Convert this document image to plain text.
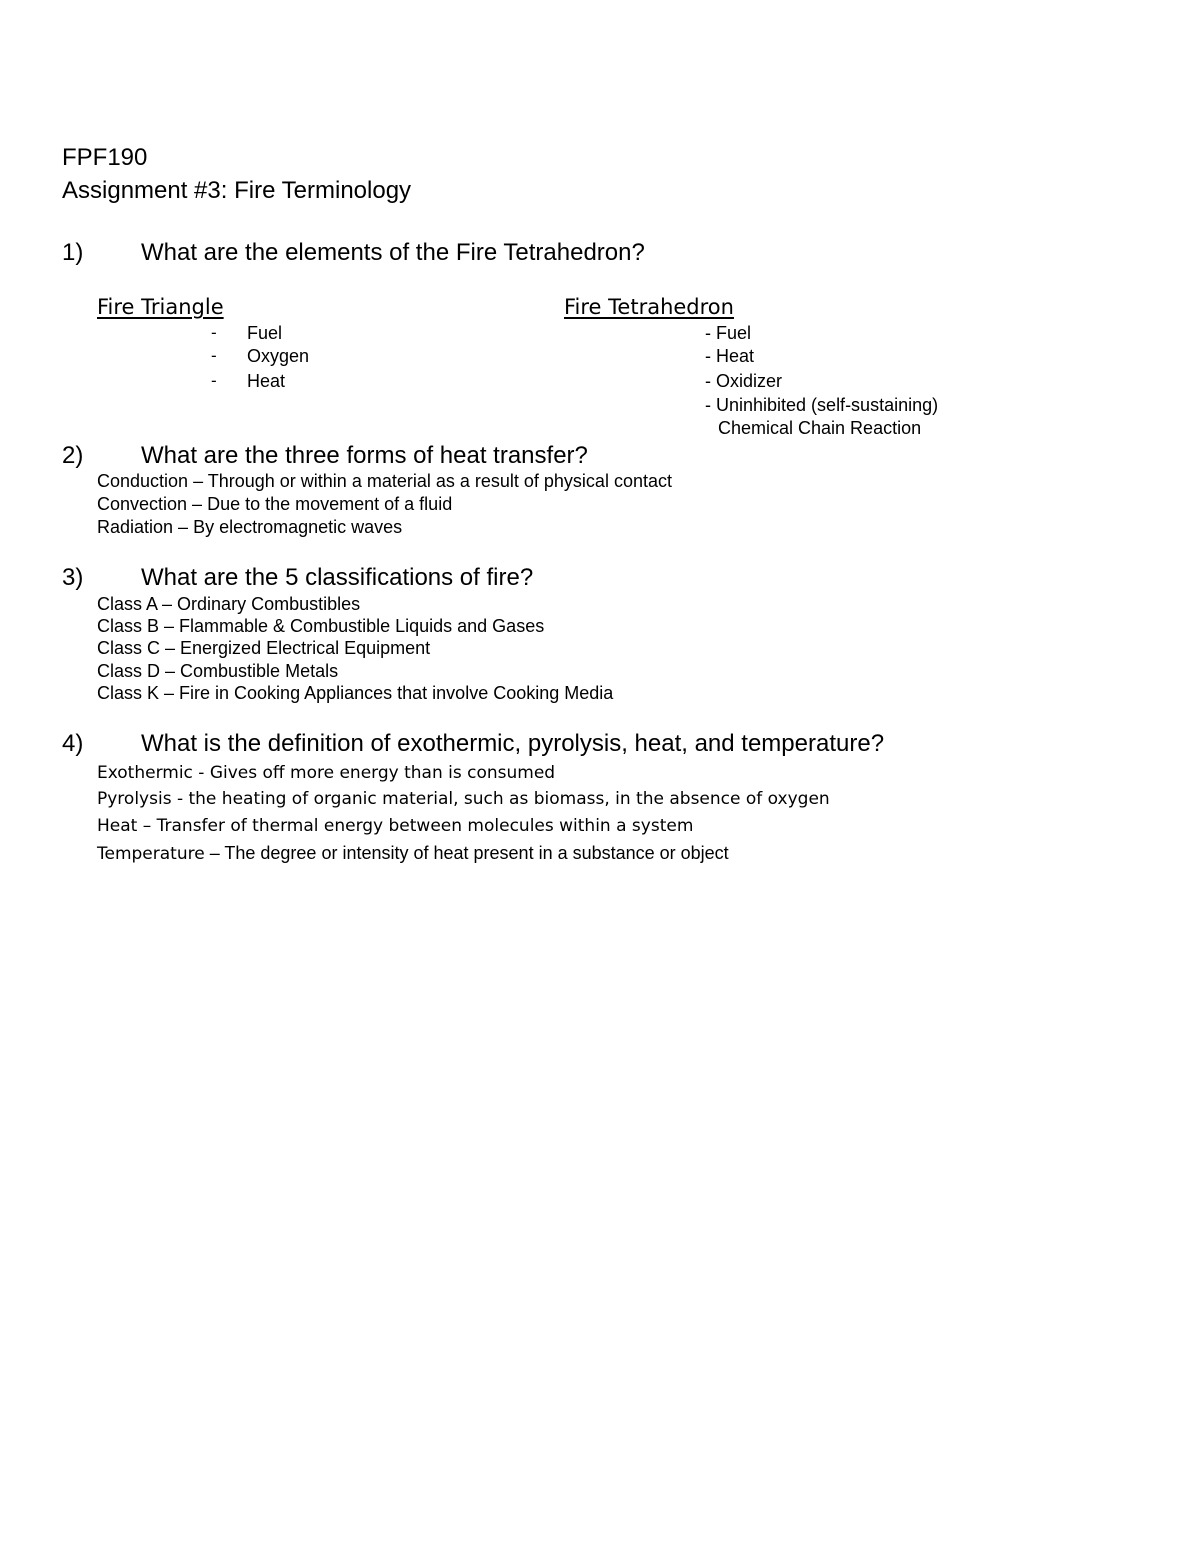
FPF190
Assignment #3: Fire Terminology
1) What are the elements of the Fire Tetrahedron?
Fire Triangle
- Fuel
- Oxygen
- Heat
Fire Tetrahedron
- Fuel
- Heat
- Oxidizer
- Uninhibited (self-sustaining)
Chemical Chain Reaction
2) What are the three forms of heat transfer?
Conduction – Through or within a material as a result of physical contact
Convection – Due to the movement of a fluid
Radiation – By electromagnetic waves
3) What are the 5 classifications of fire?
Class A – Ordinary Combustibles
Class B – Flammable & Combustible Liquids and Gases
Class C – Energized Electrical Equipment
Class D – Combustible Metals
Class K – Fire in Cooking Appliances that involve Cooking Media
4) What is the definition of exothermic, pyrolysis, heat, and temperature?
Exothermic - Gives off more energy than is consumed
Pyrolysis - the heating of organic material, such as biomass, in the absence of oxygen
Heat – Transfer of thermal energy between molecules within a system
Temperature – The degree or intensity of heat present in a substance or object
